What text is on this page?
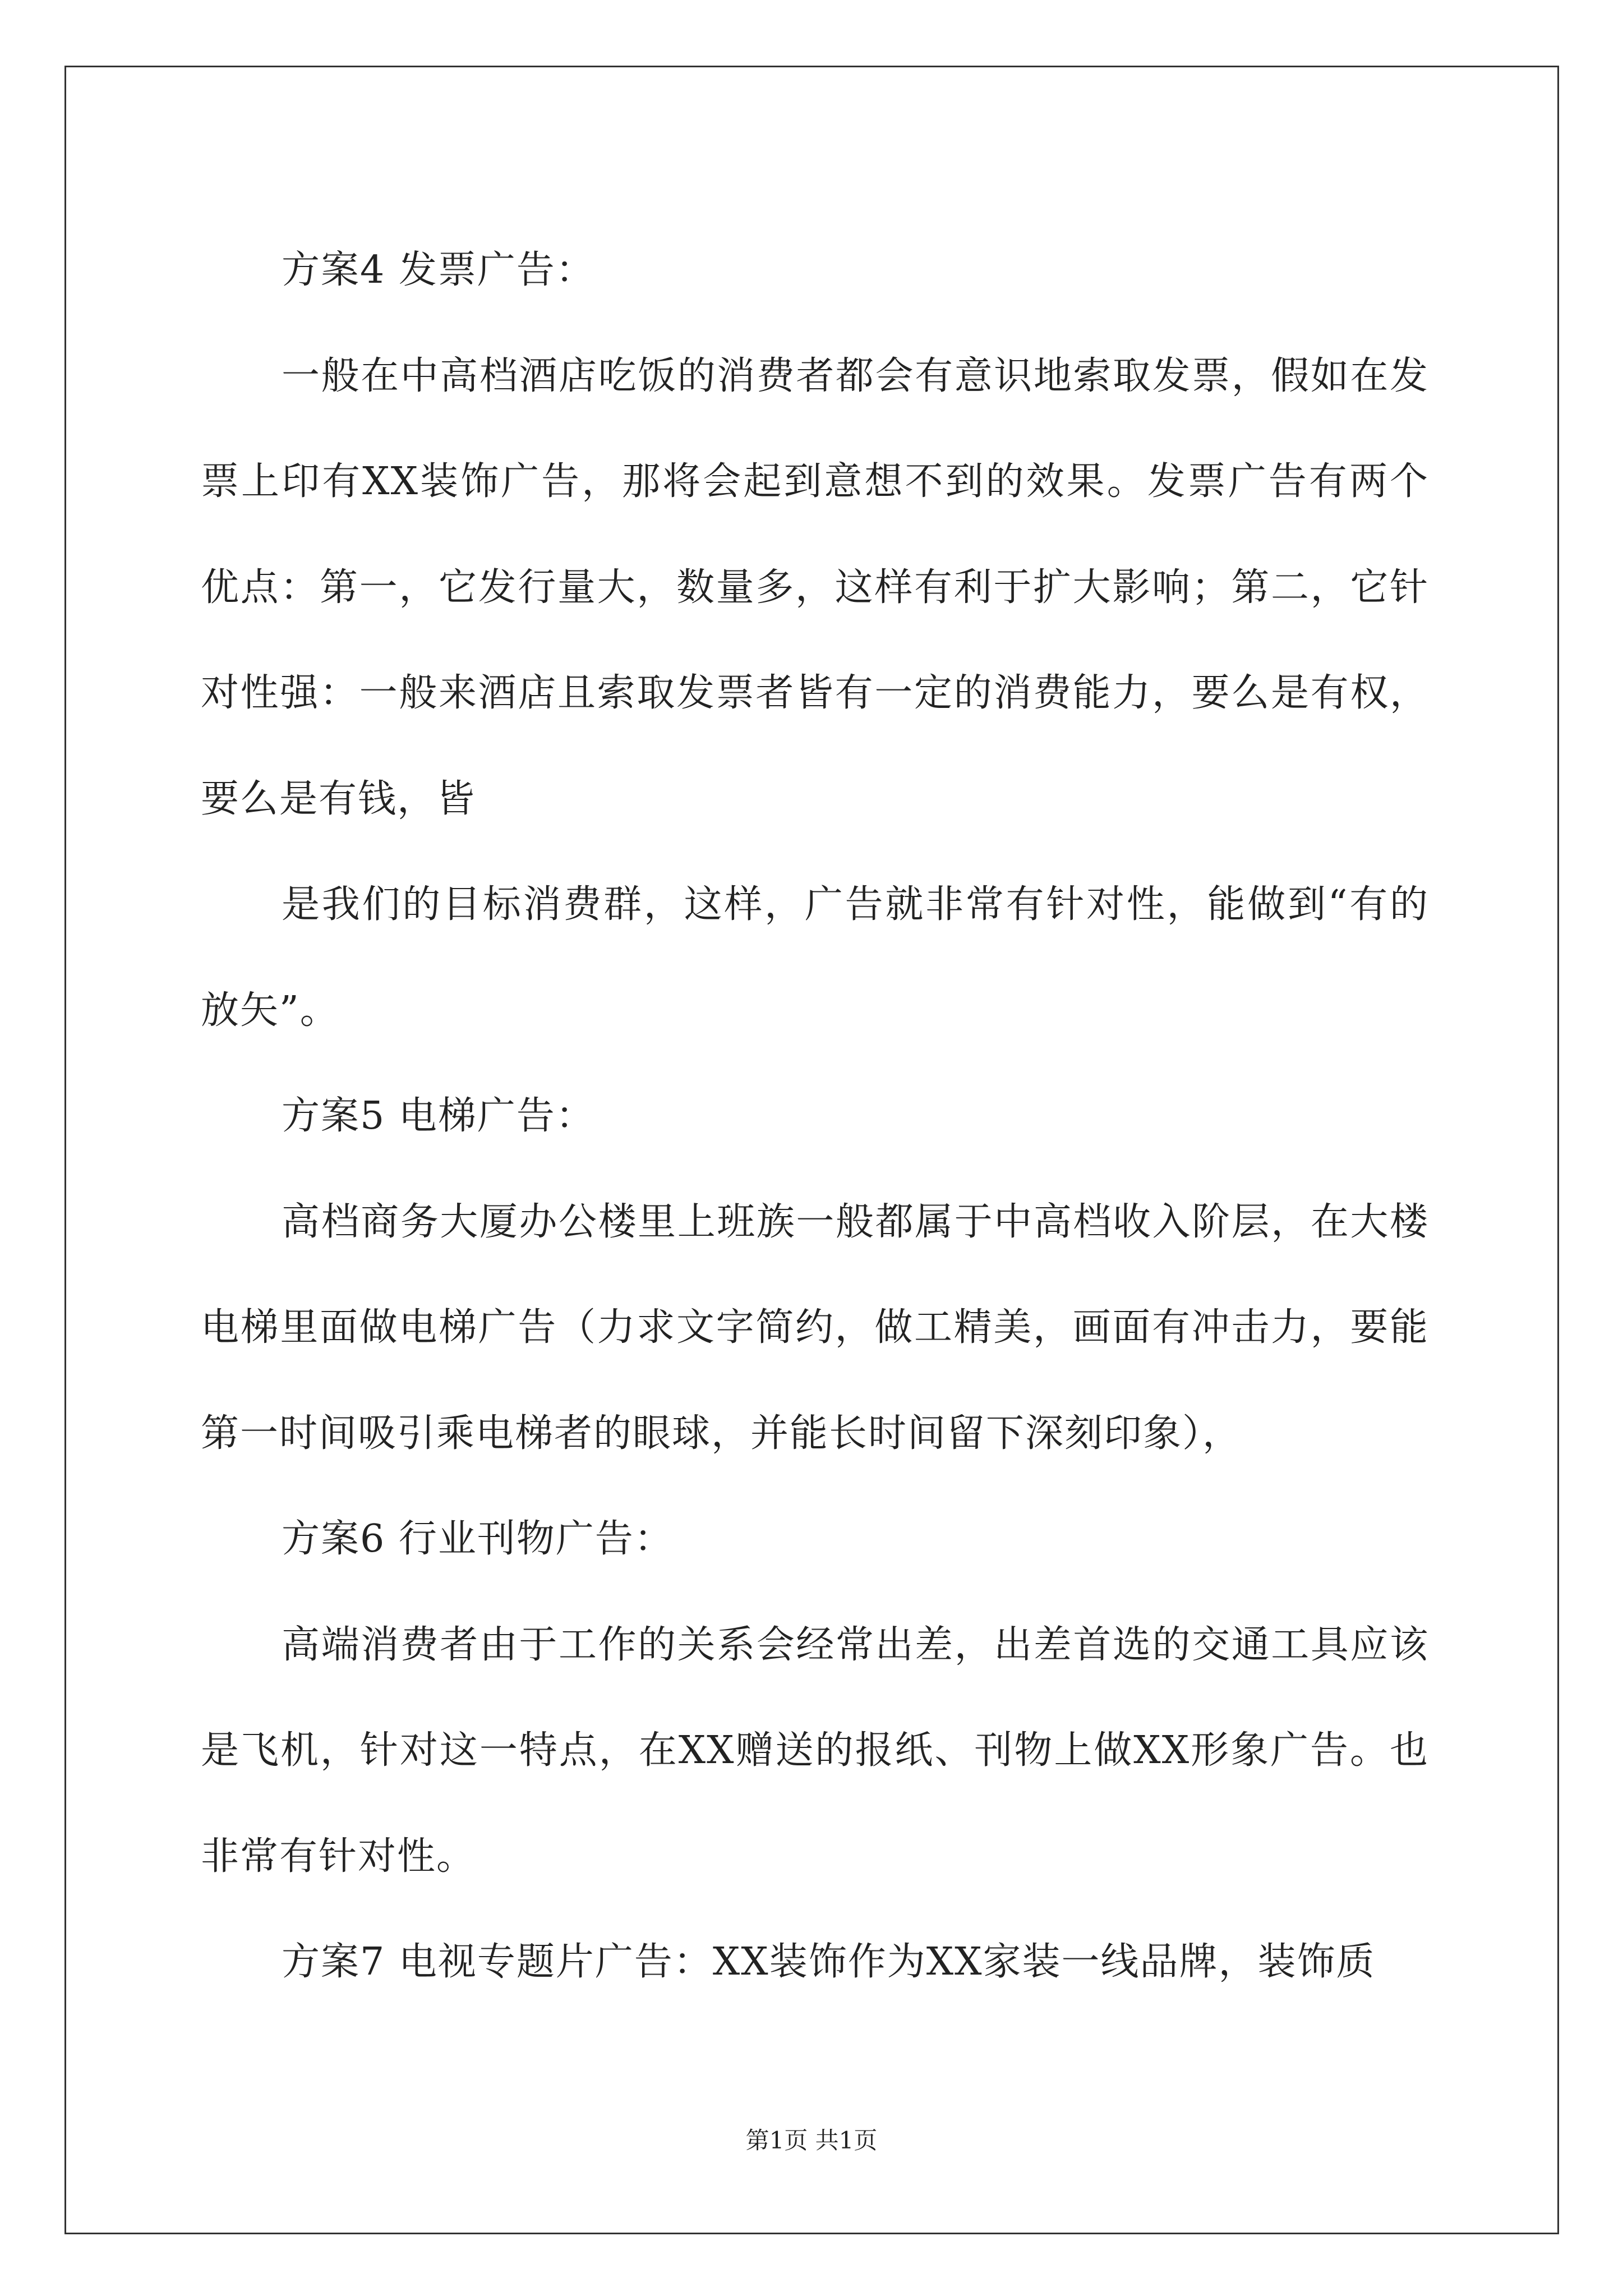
方案4 发票广告：

一般在中高档酒店吃饭的消费者都会有意识地索取发票，假如在发票上印有XX装饰广告，那将会起到意想不到的效果。发票广告有两个优点：第一，它发行量大，数量多，这样有利于扩大影响；第二，它针对性强：一般来酒店且索取发票者皆有一定的消费能力，要么是有权，要么是有钱，皆

是我们的目标消费群，这样，广告就非常有针对性，能做到“有的放矢”。

方案5 电梯广告：

高档商务大厦办公楼里上班族一般都属于中高档收入阶层，在大楼电梯里面做电梯广告（力求文字简约，做工精美，画面有冲击力，要能第一时间吸引乘电梯者的眼球，并能长时间留下深刻印象），

方案6 行业刊物广告：

高端消费者由于工作的关系会经常出差，出差首选的交通工具应该是飞机，针对这一特点，在XX赠送的报纸、刊物上做XX形象广告。也非常有针对性。

方案7 电视专题片广告：XX装饰作为XX家装一线品牌，装饰质

第1页 共1页
